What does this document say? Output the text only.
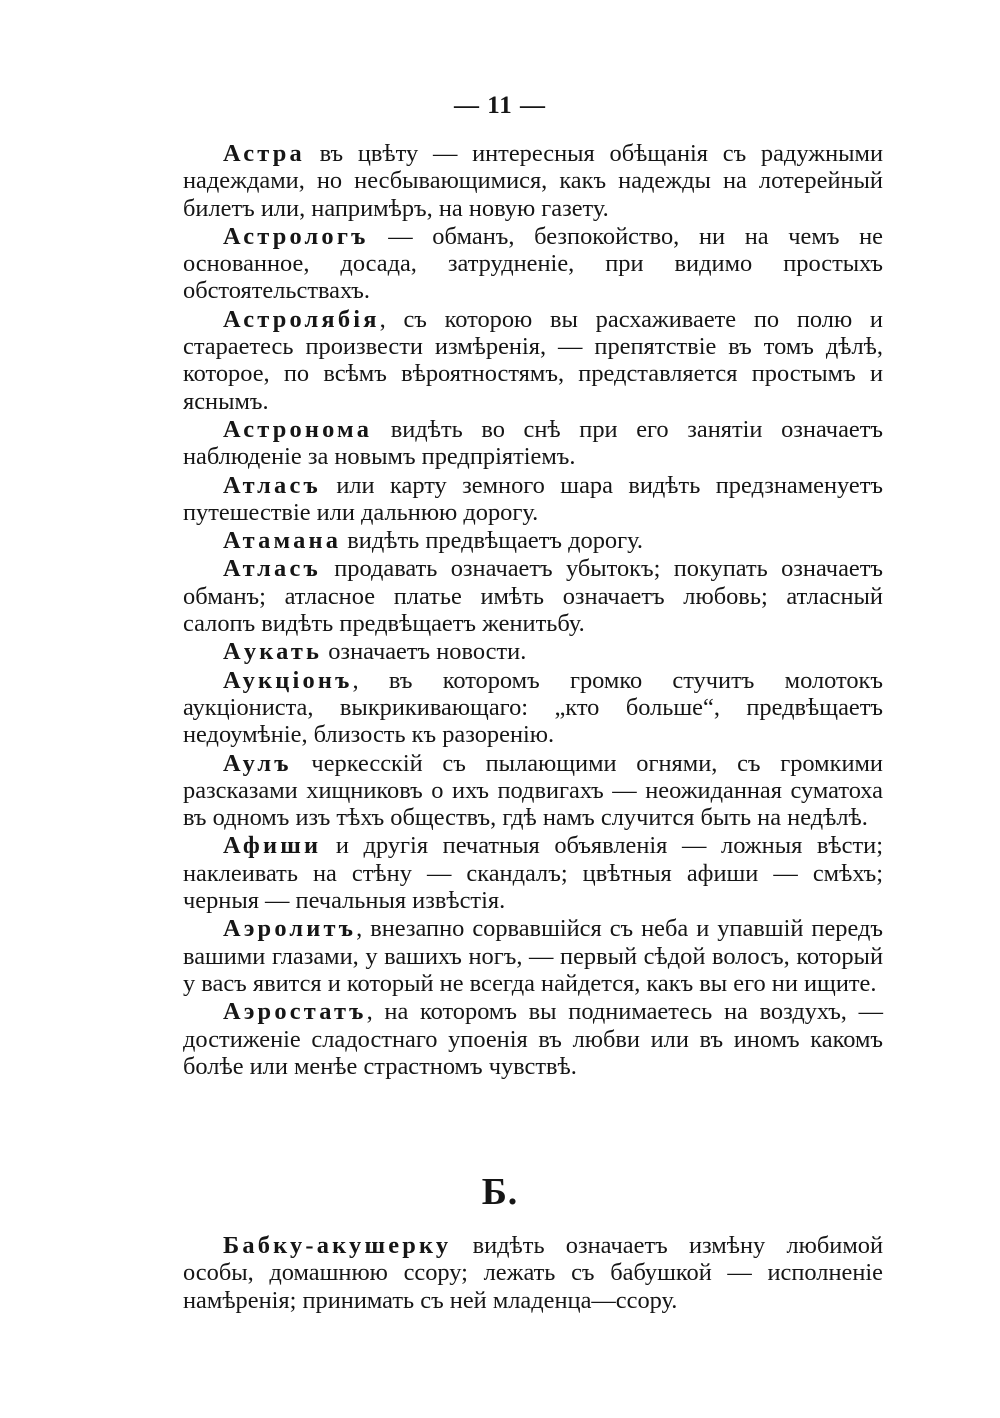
— 11 —

Астра въ цвѣту — интересныя обѣщанія съ радужными надеждами, но несбывающимися, какъ надежды на лотерейный билетъ или, напримѣръ, на новую газету.

Астрологъ — обманъ, безпокойство, ни на чемъ не основанное, досада, затрудненіе, при видимо простыхъ обстоятельствахъ.

Астролябія, съ которою вы расхаживаете по полю и стараетесь произвести измѣренія, — препятствіе въ томъ дѣлѣ, которое, по всѣмъ вѣроятностямъ, представляется простымъ и яснымъ.

Астронома видѣть во снѣ при его занятіи означаетъ наблюденіе за новымъ предпріятіемъ.

Атласъ или карту земного шара видѣть предзнаменуетъ путешествіе или дальнюю дорогу.

Атамана видѣть предвѣщаетъ дорогу.

Атласъ продавать означаетъ убытокъ; покупать означаетъ обманъ; атласное платье имѣть означаетъ любовь; атласный салопъ видѣть предвѣщаетъ женитьбу.

Aукать означаетъ новости.

Аукціонъ, въ которомъ громко стучитъ молотокъ аукціониста, выкрикивающаго: „кто больше“, предвѣщаетъ недоумѣніе, близость къ разоренію.

Аулъ черкесскій съ пылающими огнями, съ громкими разсказами хищниковъ о ихъ подвигахъ — неожиданная суматоха въ одномъ изъ тѣхъ обществъ, гдѣ намъ случится быть на недѣлѣ.

Афиши и другія печатныя объявленія — ложныя вѣсти; наклеивать на стѣну — скандалъ; цвѣтныя афиши — смѣхъ; черныя — печальныя извѣстія.

Аэролитъ, внезапно сорвавшійся съ неба и упавшій передъ вашими глазами, у вашихъ ногъ, — первый сѣдой волосъ, который у васъ явится и который не всегда найдется, какъ вы его ни ищите.

Аэростатъ, на которомъ вы поднимаетесь на воздухъ, — достиженіе сладостнаго упоенія въ любви или въ иномъ какомъ болѣе или менѣе страстномъ чувствѣ.

Б.

Бабку-акушерку видѣть означаетъ измѣну любимой особы, домашнюю ссору; лежать съ бабушкой — исполненіе намѣренія; принимать съ ней младенца—ссору.
